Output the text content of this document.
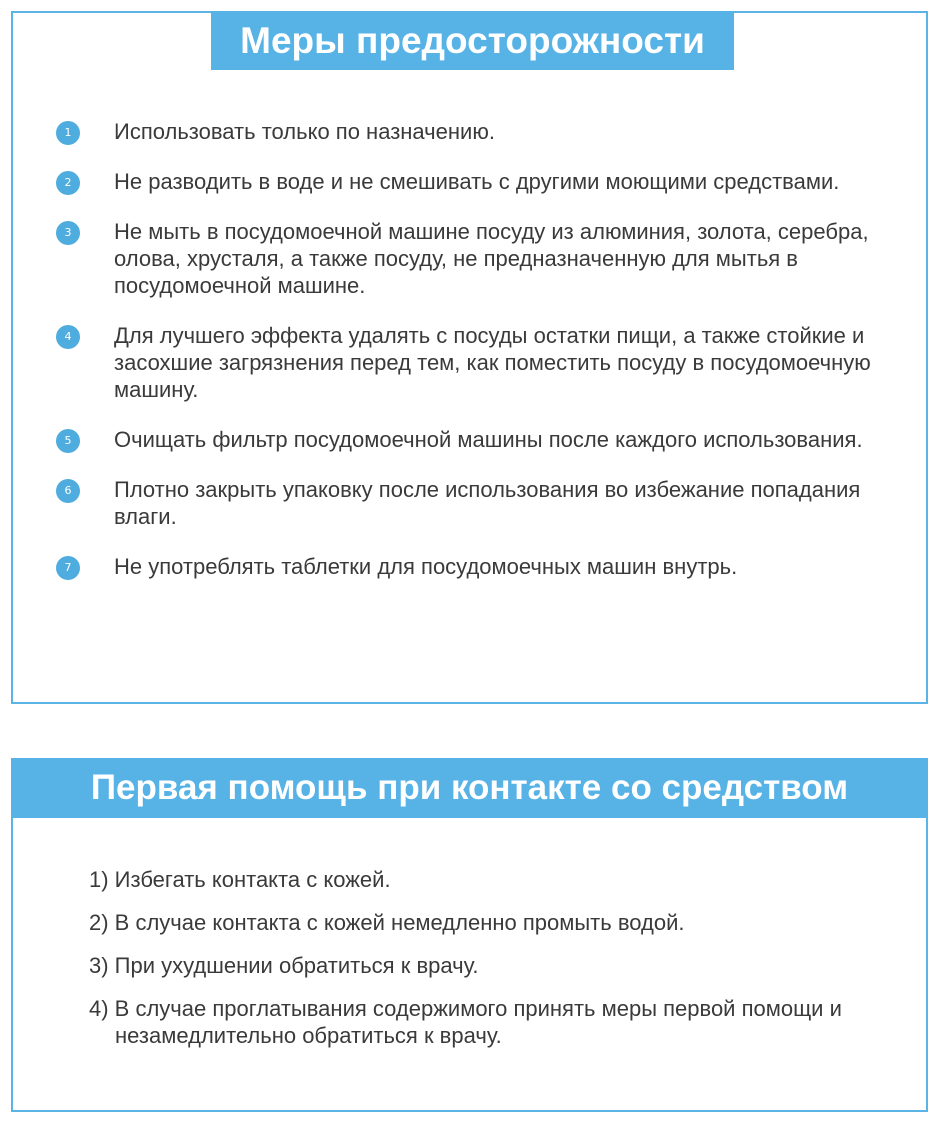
Меры предосторожности
1	Использовать только по назначению.
2	Не разводить в воде и не смешивать с другими моющими средствами.
3	Не мыть в посудомоечной машине посуду из алюминия, золота, серебра, олова, хрусталя, а также посуду, не предназначенную для мытья в посудомоечной машине.
4	Для лучшего эффекта удалять с посуды остатки пищи, а также стойкие и засохшие загрязнения перед тем, как поместить посуду в посудомоечную машину.
5	Очищать фильтр посудомоечной машины после каждого использования.
6	Плотно закрыть упаковку после использования во избежание попадания влаги.
7	Не употреблять таблетки для посудомоечных машин внутрь.
Первая помощь при контакте со средством
1) Избегать контакта с кожей.
2) В случае контакта с кожей немедленно промыть водой.
3) При ухудшении обратиться к врачу.
4) В случае проглатывания содержимого принять меры первой помощи и незамедлительно обратиться к врачу.
